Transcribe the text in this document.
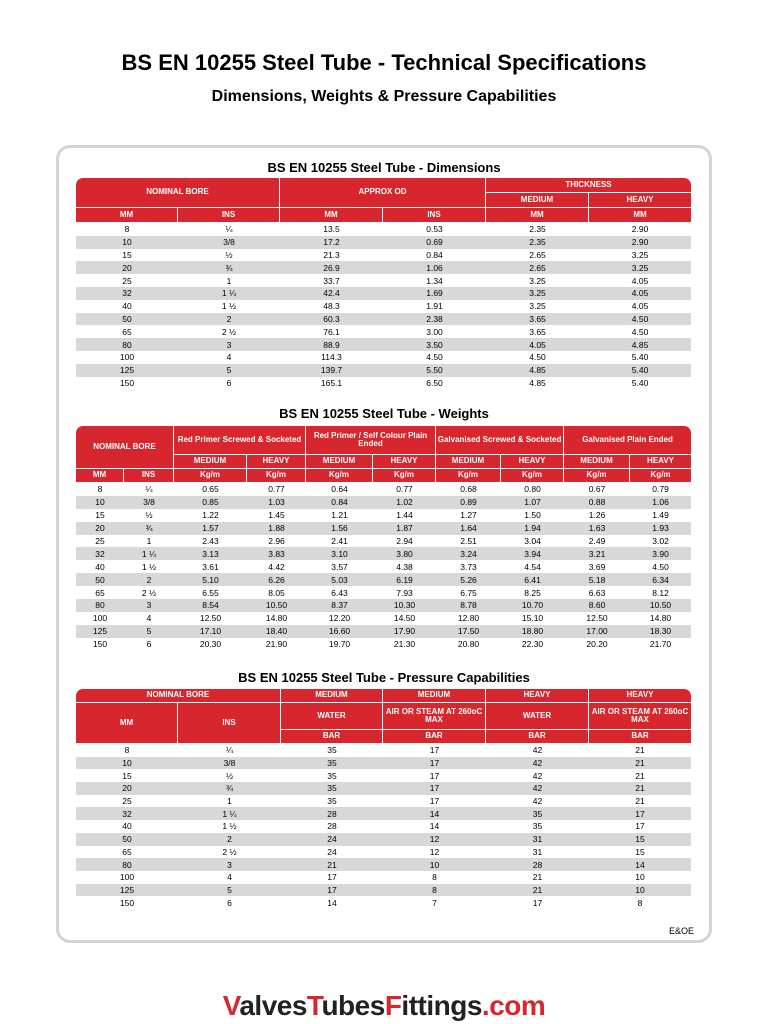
BS EN 10255 Steel Tube - Technical Specifications
Dimensions, Weights & Pressure Capabilities
BS EN 10255 Steel Tube - Dimensions
NOMINAL BORE		APPROX OD		THICKNESS	
				MEDIUM	HEAVY
MM	INS	MM	INS	MM	MM
8	¼	13.5	0.53	2.35	2.90
10	3/8	17.2	0.69	2.35	2.90
15	½	21.3	0.84	2.65	3.25
20	¾	26.9	1.06	2.65	3.25
25	1	33.7	1.34	3.25	4.05
32	1 ¼	42.4	1.69	3.25	4.05
40	1 ½	48.3	1.91	3.25	4.05
50	2	60.3	2.38	3.65	4.50
65	2 ½	76.1	3.00	3.65	4.50
80	3	88.9	3.50	4.05	4.85
100	4	114.3	4.50	4.50	5.40
125	5	139.7	5.50	4.85	5.40
150	6	165.1	6.50	4.85	5.40
BS EN 10255 Steel Tube - Weights
NOMINAL BORE		Red Primer Screwed & Socketed		Red Primer / Self Colour Plain Ended		Galvanised Screwed & Socketed		Galvanised Plain Ended	
		MEDIUM	HEAVY	MEDIUM	HEAVY	MEDIUM	HEAVY	MEDIUM	HEAVY
MM	INS	Kg/m	Kg/m	Kg/m	Kg/m	Kg/m	Kg/m	Kg/m	Kg/m
8	¼	0.65	0.77	0.64	0.77	0.68	0.80	0.67	0.79
10	3/8	0.85	1.03	0.84	1.02	0.89	1.07	0.88	1.06
15	½	1.22	1.45	1.21	1.44	1.27	1.50	1.26	1.49
20	¾	1.57	1.88	1.56	1.87	1.64	1.94	1.63	1.93
25	1	2.43	2.96	2.41	2.94	2.51	3.04	2.49	3.02
32	1 ¼	3.13	3.83	3.10	3.80	3.24	3.94	3.21	3.90
40	1 ½	3.61	4.42	3.57	4.38	3.73	4.54	3.69	4.50
50	2	5.10	6.26	5.03	6.19	5.26	6.41	5.18	6.34
65	2 ½	6.55	8.05	6.43	7.93	6.75	8.25	6.63	8.12
80	3	8.54	10.50	8.37	10.30	8.78	10.70	8.60	10.50
100	4	12.50	14.80	12.20	14.50	12.80	15.10	12.50	14.80
125	5	17.10	18.40	16.60	17.90	17.50	18.80	17.00	18.30
150	6	20.30	21.90	19.70	21.30	20.80	22.30	20.20	21.70
BS EN 10255 Steel Tube - Pressure Capabilities
NOMINAL BORE		MEDIUM	MEDIUM	HEAVY	HEAVY
MM	INS	WATER	AIR OR STEAM AT 260oC MAX	WATER	AIR OR STEAM AT 260oC MAX
		BAR	BAR	BAR	BAR
8	¼	35	17	42	21
10	3/8	35	17	42	21
15	½	35	17	42	21
20	¾	35	17	42	21
25	1	35	17	42	21
32	1 ¼	28	14	35	17
40	1 ½	28	14	35	17
50	2	24	12	31	15
65	2 ½	24	12	31	15
80	3	21	10	28	14
100	4	17	8	21	10
125	5	17	8	21	10
150	6	14	7	17	8
E&OE
ValvesTubesFittings.com
